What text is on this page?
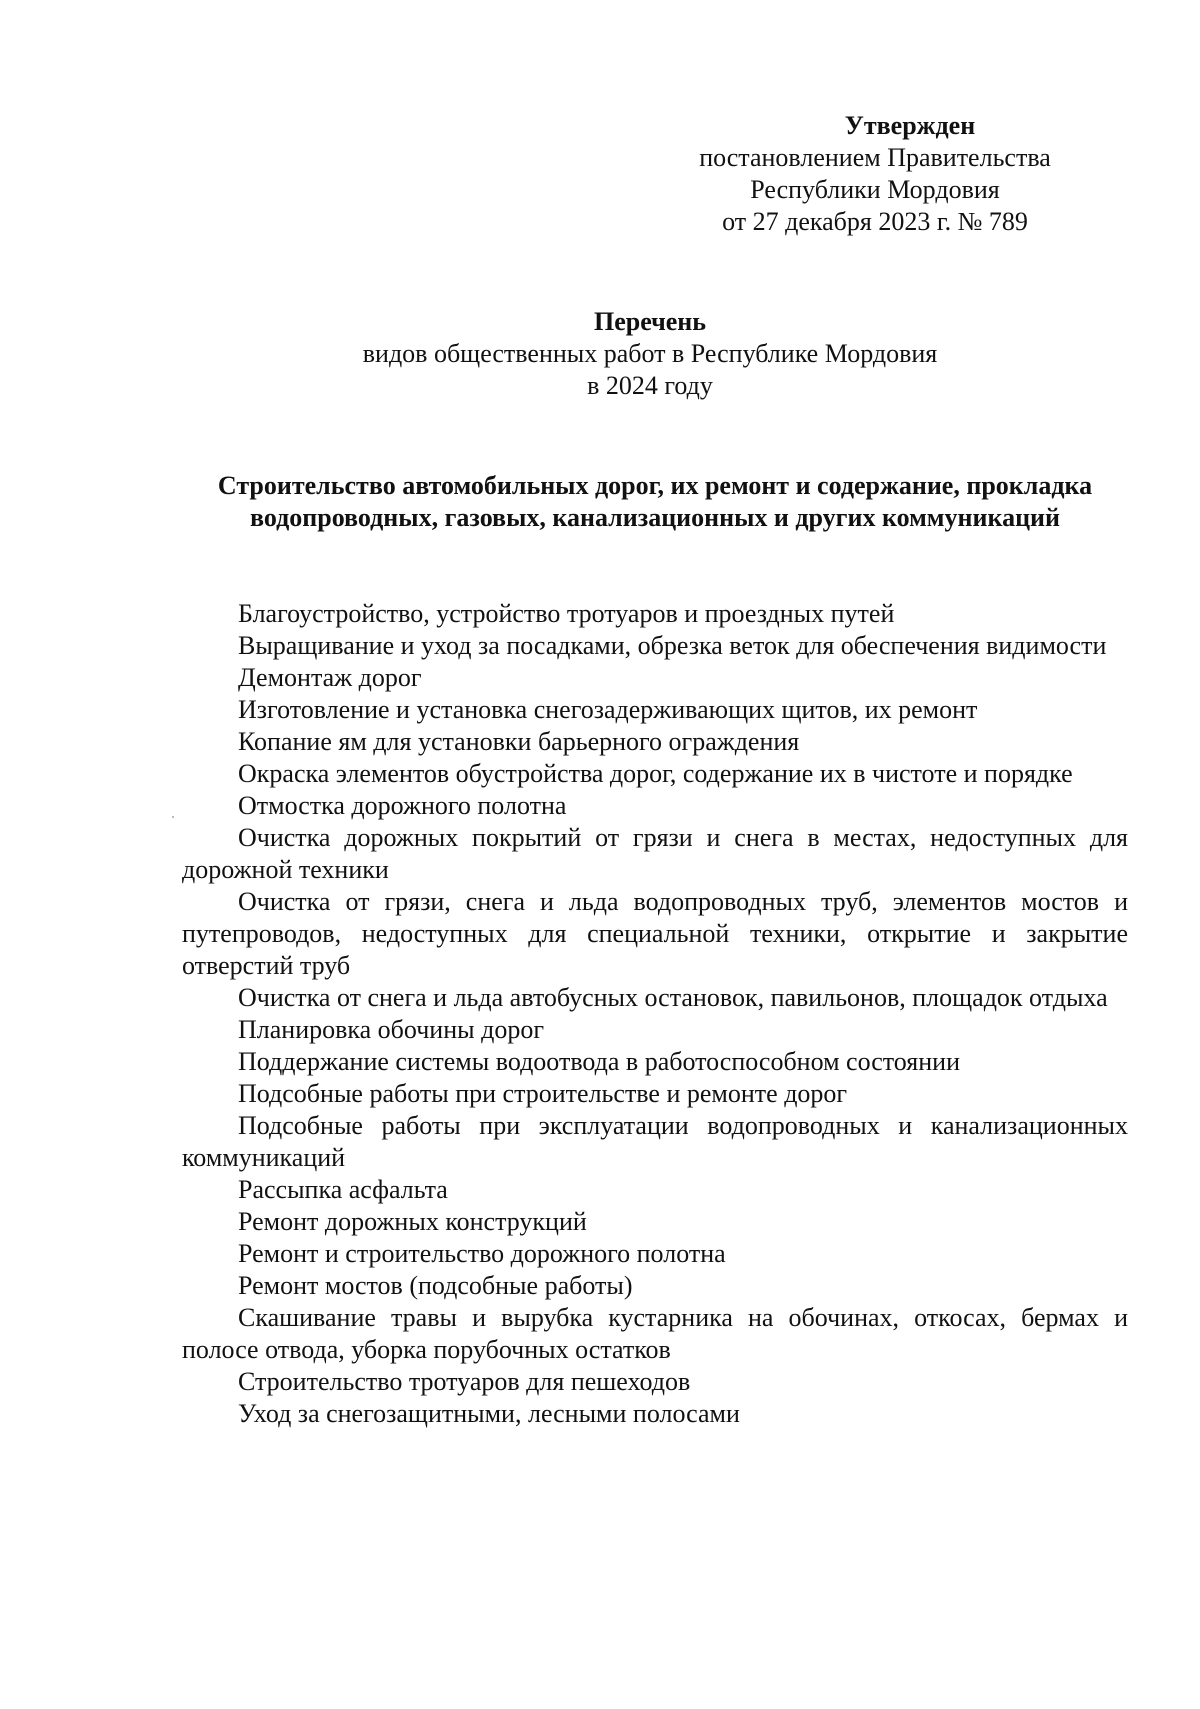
Утвержден
постановлением Правительства
Республики Мордовия
от 27 декабря 2023 г. № 789
Перечень
видов общественных работ в Республике Мордовия
в 2024 году
Строительство автомобильных дорог, их ремонт и содержание, прокладка водопроводных, газовых, канализационных и других коммуникаций

Благоустройство, устройство тротуаров и проездных путей

Выращивание и уход за посадками, обрезка веток для обеспечения видимости

Демонтаж дорог

Изготовление и установка снегозадерживающих щитов, их ремонт

Копание ям для установки барьерного ограждения

Окраска элементов обустройства дорог, содержание их в чистоте и порядке

Отмостка дорожного полотна

Очистка дорожных покрытий от грязи и снега в местах, недоступных для дорожной техники

Очистка от грязи, снега и льда водопроводных труб, элементов мостов и путепроводов, недоступных для специальной техники, открытие и закрытие отверстий труб

Очистка от снега и льда автобусных остановок, павильонов, площадок отдыха

Планировка обочины дорог

Поддержание системы водоотвода в работоспособном состоянии

Подсобные работы при строительстве и ремонте дорог

Подсобные работы при эксплуатации водопроводных и канализационных коммуникаций

Рассыпка асфальта

Ремонт дорожных конструкций

Ремонт и строительство дорожного полотна

Ремонт мостов (подсобные работы)

Скашивание травы и вырубка кустарника на обочинах, откосах, бермах и полосе отвода, уборка порубочных остатков

Строительство тротуаров для пешеходов

Уход за снегозащитными, лесными полосами
